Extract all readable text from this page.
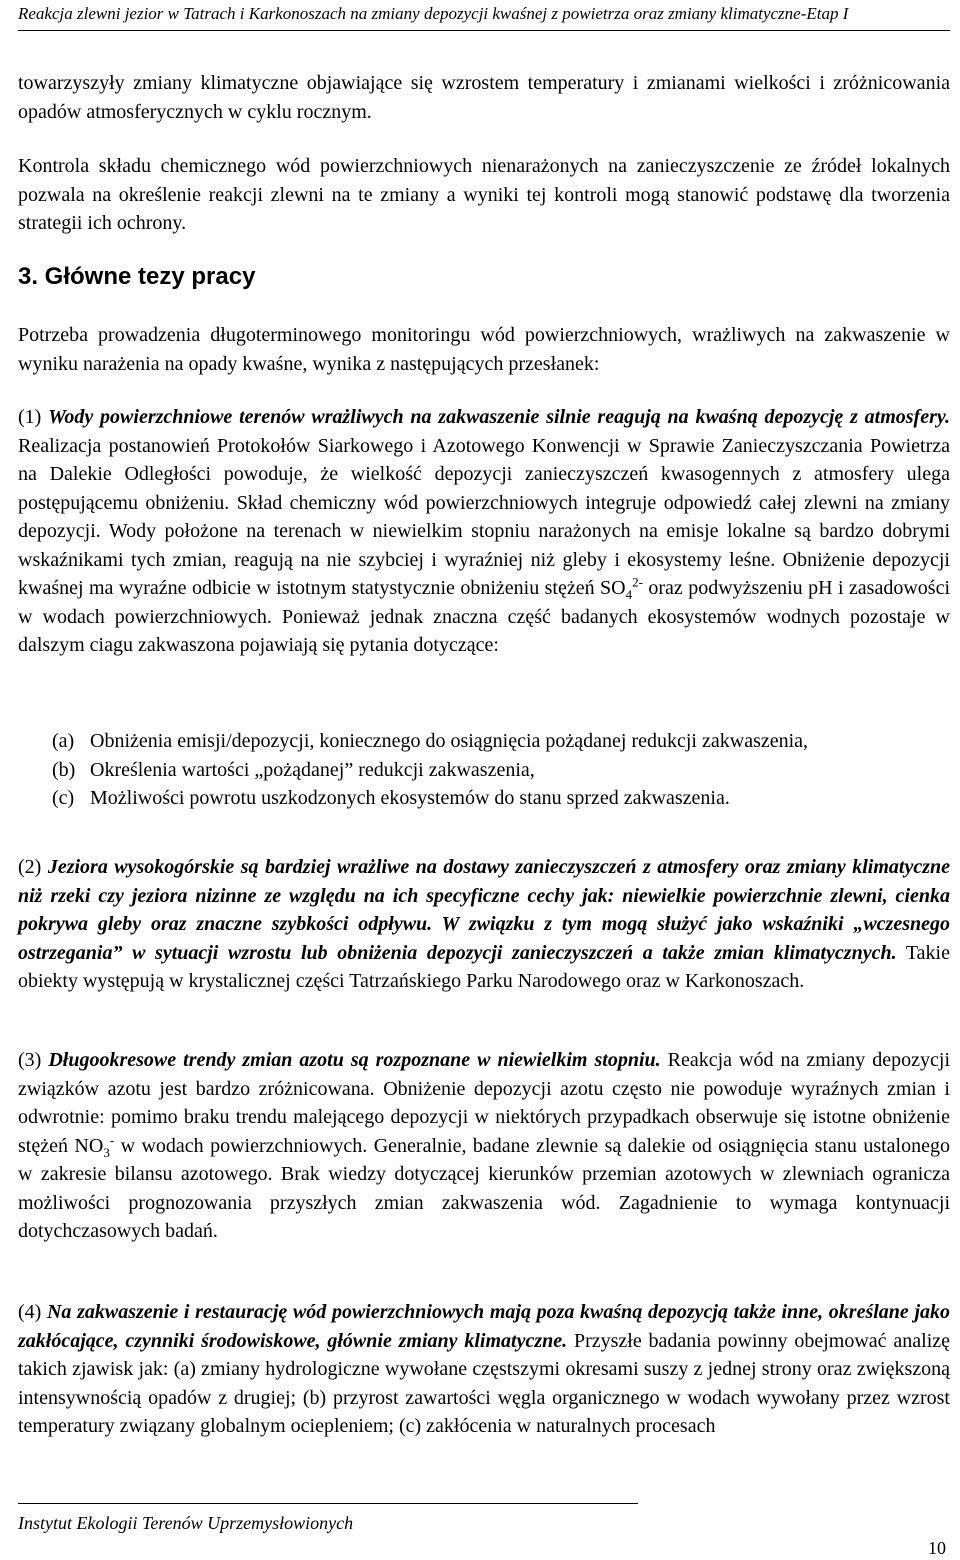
Reakcja zlewni jezior w Tatrach i Karkonoszach na zmiany depozycji kwaśnej z powietrza oraz zmiany klimatyczne-Etap I

towarzyszyły zmiany klimatyczne objawiające się wzrostem temperatury i zmianami wielkości i zróżnicowania opadów atmosferycznych w cyklu rocznym.

Kontrola składu chemicznego wód powierzchniowych nienarażonych na zanieczyszczenie ze źródeł lokalnych pozwala na określenie reakcji zlewni na te zmiany a wyniki tej kontroli mogą stanowić podstawę dla tworzenia strategii ich ochrony.

3. Główne tezy pracy

Potrzeba prowadzenia długoterminowego monitoringu wód powierzchniowych, wrażliwych na zakwaszenie w wyniku narażenia na opady kwaśne, wynika z następujących przesłanek:

(1) Wody powierzchniowe terenów wrażliwych na zakwaszenie silnie reagują na kwaśną depozycję z atmosfery. Realizacja postanowień Protokołów Siarkowego i Azotowego Konwencji w Sprawie Zanieczyszczania Powietrza na Dalekie Odległości powoduje, że wielkość depozycji zanieczyszczeń kwasogennych z atmosfery ulega postępującemu obniżeniu. Skład chemiczny wód powierzchniowych integruje odpowiedź całej zlewni na zmiany depozycji. Wody położone na terenach w niewielkim stopniu narażonych na emisje lokalne są bardzo dobrymi wskaźnikami tych zmian, reagują na nie szybciej i wyraźniej niż gleby i ekosystemy leśne. Obniżenie depozycji kwaśnej ma wyraźne odbicie w istotnym statystycznie obniżeniu stężeń $SO_4^{2-}$ oraz podwyższeniu pH i zasadowości w wodach powierzchniowych. Ponieważ jednak znaczna część badanych ekosystemów wodnych pozostaje w dalszym ciagu zakwaszona pojawiają się pytania dotyczące:

(a) Obniżenia emisji/depozycji, koniecznego do osiągnięcia pożądanej redukcji zakwaszenia,
(b) Określenia wartości „pożądanej” redukcji zakwaszenia,
(c) Możliwości powrotu uszkodzonych ekosystemów do stanu sprzed zakwaszenia.

(2) Jeziora wysokogórskie są bardziej wrażliwe na dostawy zanieczyszczeń z atmosfery oraz zmiany klimatyczne niż rzeki czy jeziora nizinne ze względu na ich specyficzne cechy jak: niewielkie powierzchnie zlewni, cienka pokrywa gleby oraz znaczne szybkości odpływu. W związku z tym mogą służyć jako wskaźniki „wczesnego ostrzegania” w sytuacji wzrostu lub obniżenia depozycji zanieczyszczeń a także zmian klimatycznych. Takie obiekty występują w krystalicznej części Tatrzańskiego Parku Narodowego oraz w Karkonoszach.

(3) Długookresowe trendy zmian azotu są rozpoznane w niewielkim stopniu. Reakcja wód na zmiany depozycji związków azotu jest bardzo zróżnicowana. Obniżenie depozycji azotu często nie powoduje wyraźnych zmian i odwrotnie: pomimo braku trendu malejącego depozycji w niektórych przypadkach obserwuje się istotne obniżenie stężeń $NO_3^-$ w wodach powierzchniowych. Generalnie, badane zlewnie są dalekie od osiągnięcia stanu ustalonego w zakresie bilansu azotowego. Brak wiedzy dotyczącej kierunków przemian azotowych w zlewniach ogranicza możliwości prognozowania przyszłych zmian zakwaszenia wód. Zagadnienie to wymaga kontynuacji dotychczasowych badań.

(4) Na zakwaszenie i restaurację wód powierzchniowych mają poza kwaśną depozycją także inne, określane jako zakłócające, czynniki środowiskowe, głównie zmiany klimatyczne. Przyszłe badania powinny obejmować analizę takich zjawisk jak: (a) zmiany hydrologiczne wywołane częstszymi okresami suszy z jednej strony oraz zwiększoną intensywnością opadów z drugiej; (b) przyrost zawartości węgla organicznego w wodach wywołany przez wzrost temperatury związany globalnym ociepleniem; (c) zakłócenia w naturalnych procesach

Instytut Ekologii Terenów Uprzemysłowionych
10
